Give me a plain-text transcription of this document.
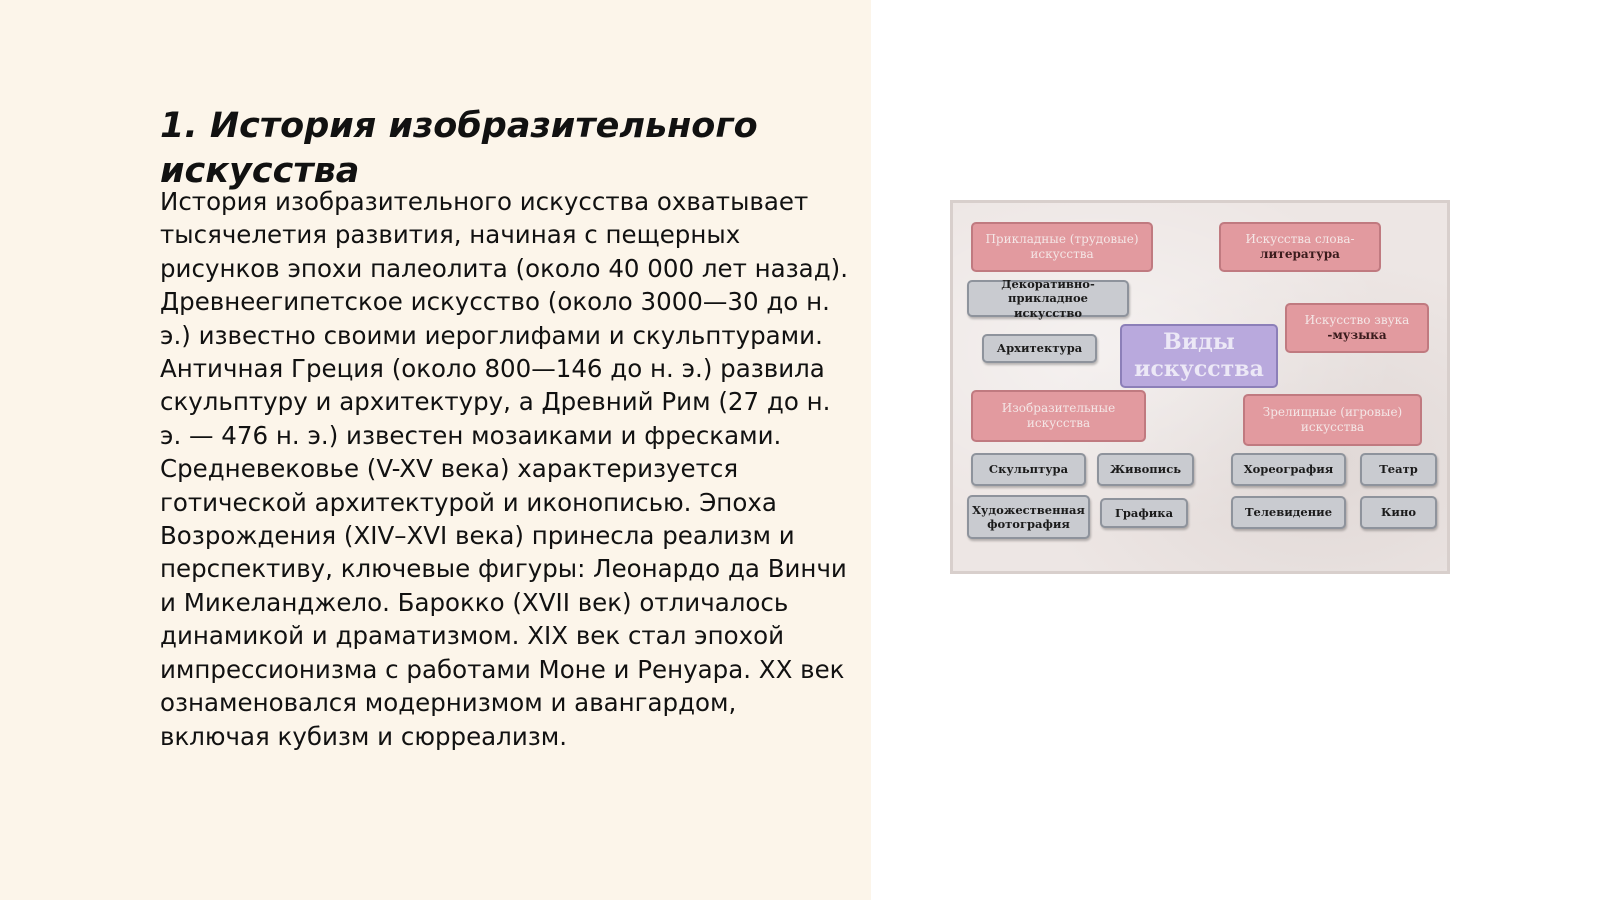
1. История изобразительного искусства

История изобразительного искусства охватывает тысячелетия развития, начиная с пещерных рисунков эпохи палеолита (около 40 000 лет назад). Древнеегипетское искусство (около 3000—30 до н. э.) известно своими иероглифами и скульптурами. Античная Греция (около 800—146 до н. э.) развила скульптуру и архитектуру, а Древний Рим (27 до н. э. — 476 н. э.) известен мозаиками и фресками. Средневековье (V-XV века) характеризуется готической архитектурой и иконописью. Эпоха Возрождения (XIV–XVI века) принесла реализм и перспективу, ключевые фигуры: Леонардо да Винчи и Микеланджело. Барокко (XVII век) отличалось динамикой и драматизмом. XIX век стал эпохой импрессионизма с работами Моне и Ренуара. XX век ознаменовался модернизмом и авангардом, включая кубизм и сюрреализм.

Прикладные (трудовые) искусства
Искусства слова-
литература
Декоративно-прикладное искусство
Искусство звука
-музыка
Архитектура	Виды искусства
Изобразительные искусства
Зрелищные (игровые) искусства
Скульптура	Живопись	Хореография	Театр
Художественная фотография
Графика	Телевидение	Кино
